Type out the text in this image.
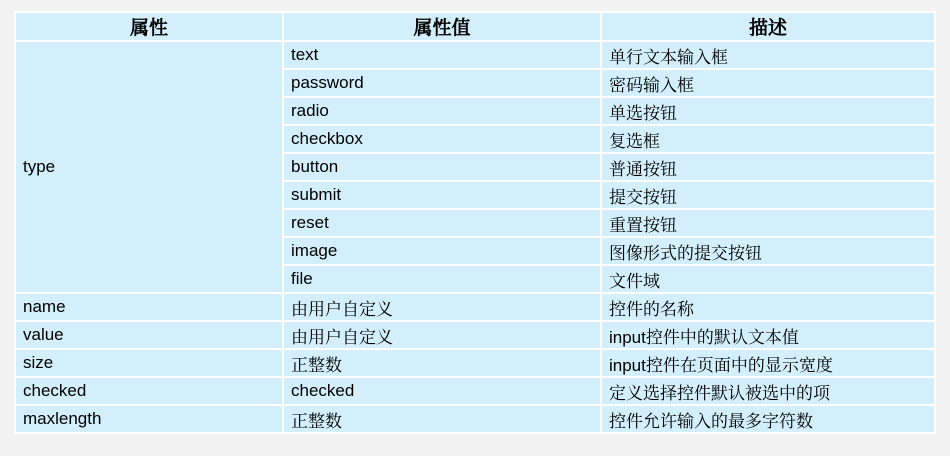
属性	属性值	描述
type	text	单行文本输入框
	password	密码输入框
	radio	单选按钮
	checkbox	复选框
	button	普通按钮
	submit	提交按钮
	reset	重置按钮
	image	图像形式的提交按钮
	file	文件域
name	由用户自定义	控件的名称
value	由用户自定义	input控件中的默认文本值
size	正整数	input控件在页面中的显示宽度
checked	checked	定义选择控件默认被选中的项
maxlength	正整数	控件允许输入的最多字符数
